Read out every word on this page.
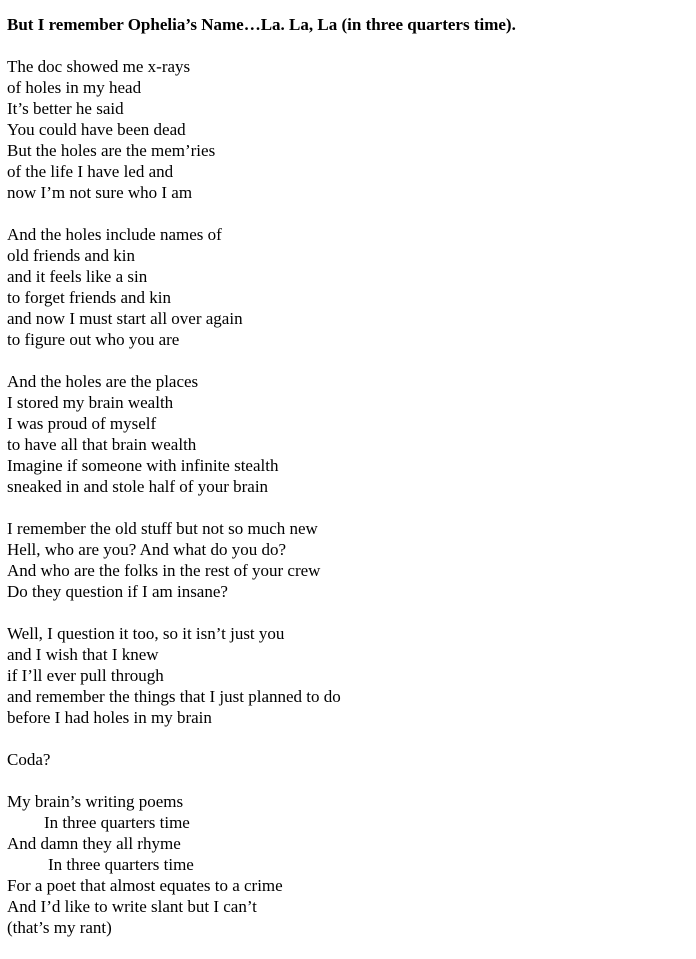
But I remember Ophelia’s Name…La. La, La (in three quarters time).
The doc showed me x-rays
of holes in my head
It’s better he said
You could have been dead
But the holes are the mem’ries
of the life I have led and
now I’m not sure who I am
And the holes include names of
old friends and kin
and it feels like a sin
to forget friends and kin
and now I must start all over again
to figure out who you are
And the holes are the places
I stored my brain wealth
I was proud of myself
to have all that brain wealth
Imagine if someone with infinite stealth
sneaked in and stole half of your brain
I remember the old stuff but not so much new
Hell, who are you? And what do you do?
And who are the folks in the rest of your crew
Do they question if I am insane?
Well, I question it too, so it isn’t just you
and I wish that I knew
if I’ll ever pull through
and remember the things that I just planned to do
before I had holes in my brain
Coda?
My brain’s writing poems
In three quarters time
And damn they all rhyme
In three quarters time
For a poet that almost equates to a crime
And I’d like to write slant but I can’t
(that’s my rant)
